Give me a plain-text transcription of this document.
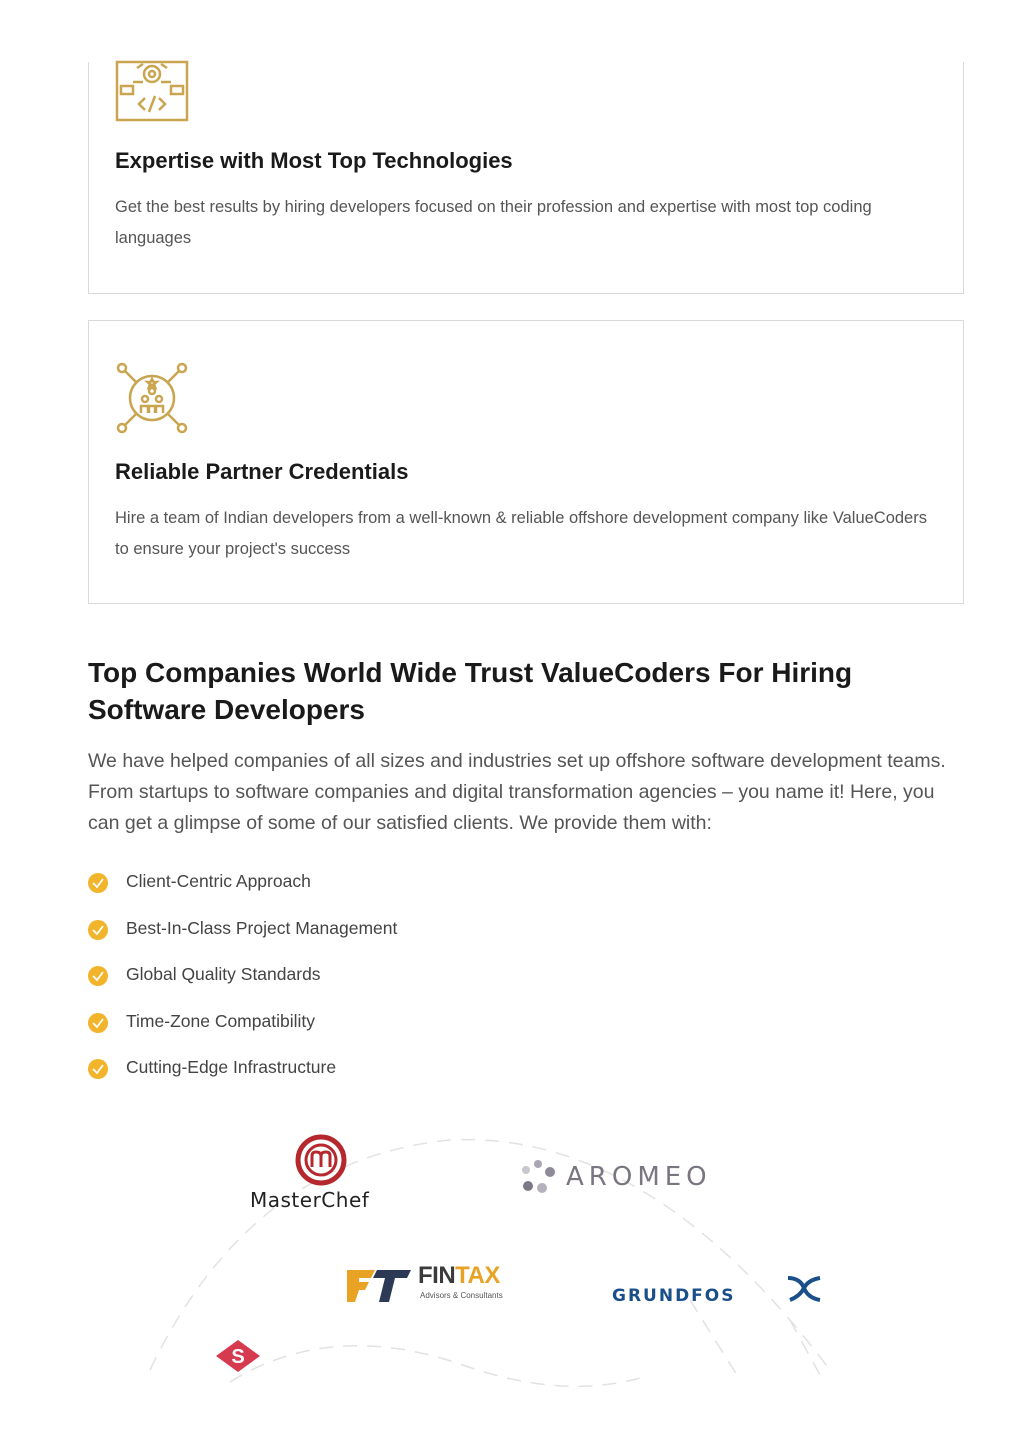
Expertise with Most Top Technologies

Get the best results by hiring developers focused on their profession and expertise with most top coding languages

Reliable Partner Credentials

Hire a team of Indian developers from a well-known & reliable offshore development company like ValueCoders to ensure your project's success

Top Companies World Wide Trust ValueCoders For Hiring Software Developers

We have helped companies of all sizes and industries set up offshore software development teams. From startups to software companies and digital transformation agencies – you name it! Here, you can get a glimpse of some of our satisfied clients. We provide them with:

Client-Centric Approach
Best-In-Class Project Management
Global Quality Standards
Time-Zone Compatibility
Cutting-Edge Infrastructure
MasterChef
AROMEO
FINTAX
Advisors & Consultants	GRUNDFOS
S
